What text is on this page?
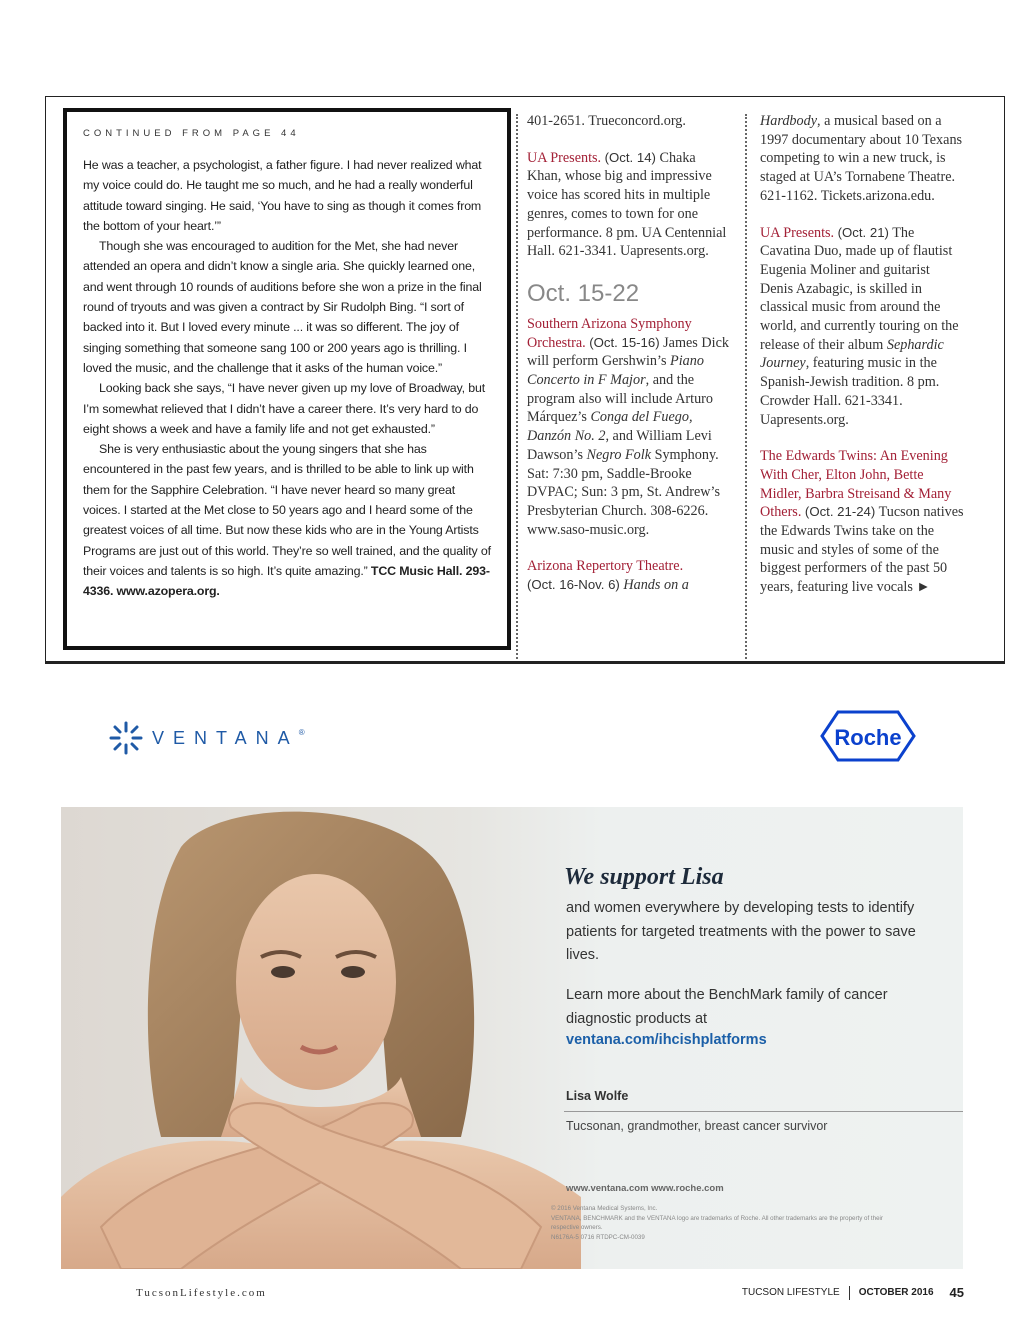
CONTINUED FROM PAGE 44

He was a teacher, a psychologist, a father figure. I had never realized what my voice could do. He taught me so much, and he had a really wonderful attitude toward singing. He said, ‘You have to sing as though it comes from the bottom of your heart.’”

Though she was encouraged to audition for the Met, she had never attended an opera and didn’t know a single aria. She quickly learned one, and went through 10 rounds of auditions before she won a prize in the final round of tryouts and was given a contract by Sir Rudolph Bing. “I sort of backed into it. But I loved every minute ... it was so different. The joy of singing something that someone sang 100 or 200 years ago is thrilling. I loved the music, and the challenge that it asks of the human voice.”

Looking back she says, “I have never given up my love of Broadway, but I’m somewhat relieved that I didn’t have a career there. It’s very hard to do eight shows a week and have a family life and not get exhausted.”

She is very enthusiastic about the young singers that she has encountered in the past few years, and is thrilled to be able to link up with them for the Sapphire Celebration. “I have never heard so many great voices. I started at the Met close to 50 years ago and I heard some of the greatest voices of all time. But now these kids who are in the Young Artists Programs are just out of this world. They’re so well trained, and the quality of their voices and talents is so high. It’s quite amazing.” TCC Music Hall. 293-4336. www.azopera.org.

401-2651. Trueconcord.org.

UA Presents. (Oct. 14) Chaka Khan, whose big and impressive voice has scored hits in multiple genres, comes to town for one performance. 8 pm. UA Centennial Hall. 621-3341. Uapresents.org.

Oct. 15-22

Southern Arizona Symphony Orchestra. (Oct. 15-16) James Dick will perform Gershwin’s Piano Concerto in F Major, and the program also will include Arturo Márquez’s Conga del Fuego, Danzón No. 2, and William Levi Dawson’s Negro Folk Symphony. Sat: 7:30 pm, Saddle-Brooke DVPAC; Sun: 3 pm, St. Andrew’s Presbyterian Church. 308-6226. www.saso-music.org.

Arizona Repertory Theatre.
(Oct. 16-Nov. 6) Hands on a

Hardbody, a musical based on a 1997 documentary about 10 Texans competing to win a new truck, is staged at UA’s Tornabene Theatre. 621-1162. Tickets.arizona.edu.

UA Presents. (Oct. 21) The Cavatina Duo, made up of flautist Eugenia Moliner and guitarist Denis Azabagic, is skilled in classical music from around the world, and currently touring on the release of their album Sephardic Journey, featuring music in the Spanish-Jewish tradition. 8 pm. Crowder Hall. 621-3341. Uapresents.org.

The Edwards Twins: An Evening With Cher, Elton John, Bette Midler, Barbra Streisand & Many Others. (Oct. 21-24) Tucson natives the Edwards Twins take on the music and styles of some of the biggest performers of the past 50 years, featuring live vocals ►

VENTANA ®	Roche
We support Lisa
and women everywhere by developing tests to identify patients for targeted treatments with the power to save lives.
Learn more about the BenchMark family of cancer diagnostic products at
ventana.com/ihcishplatforms
Lisa Wolfe
Tucsonan, grandmother, breast cancer survivor
www.ventana.com www.roche.com
© 2016 Ventana Medical Systems, Inc.
VENTANA, BENCHMARK and the VENTANA logo are trademarks of Roche. All other trademarks are the property of their
respective owners.
N6176A-5 0716 RTDPC-CM-0039
TucsonLifestyle.com	TUCSON LIFESTYLE OCTOBER 2016 45
